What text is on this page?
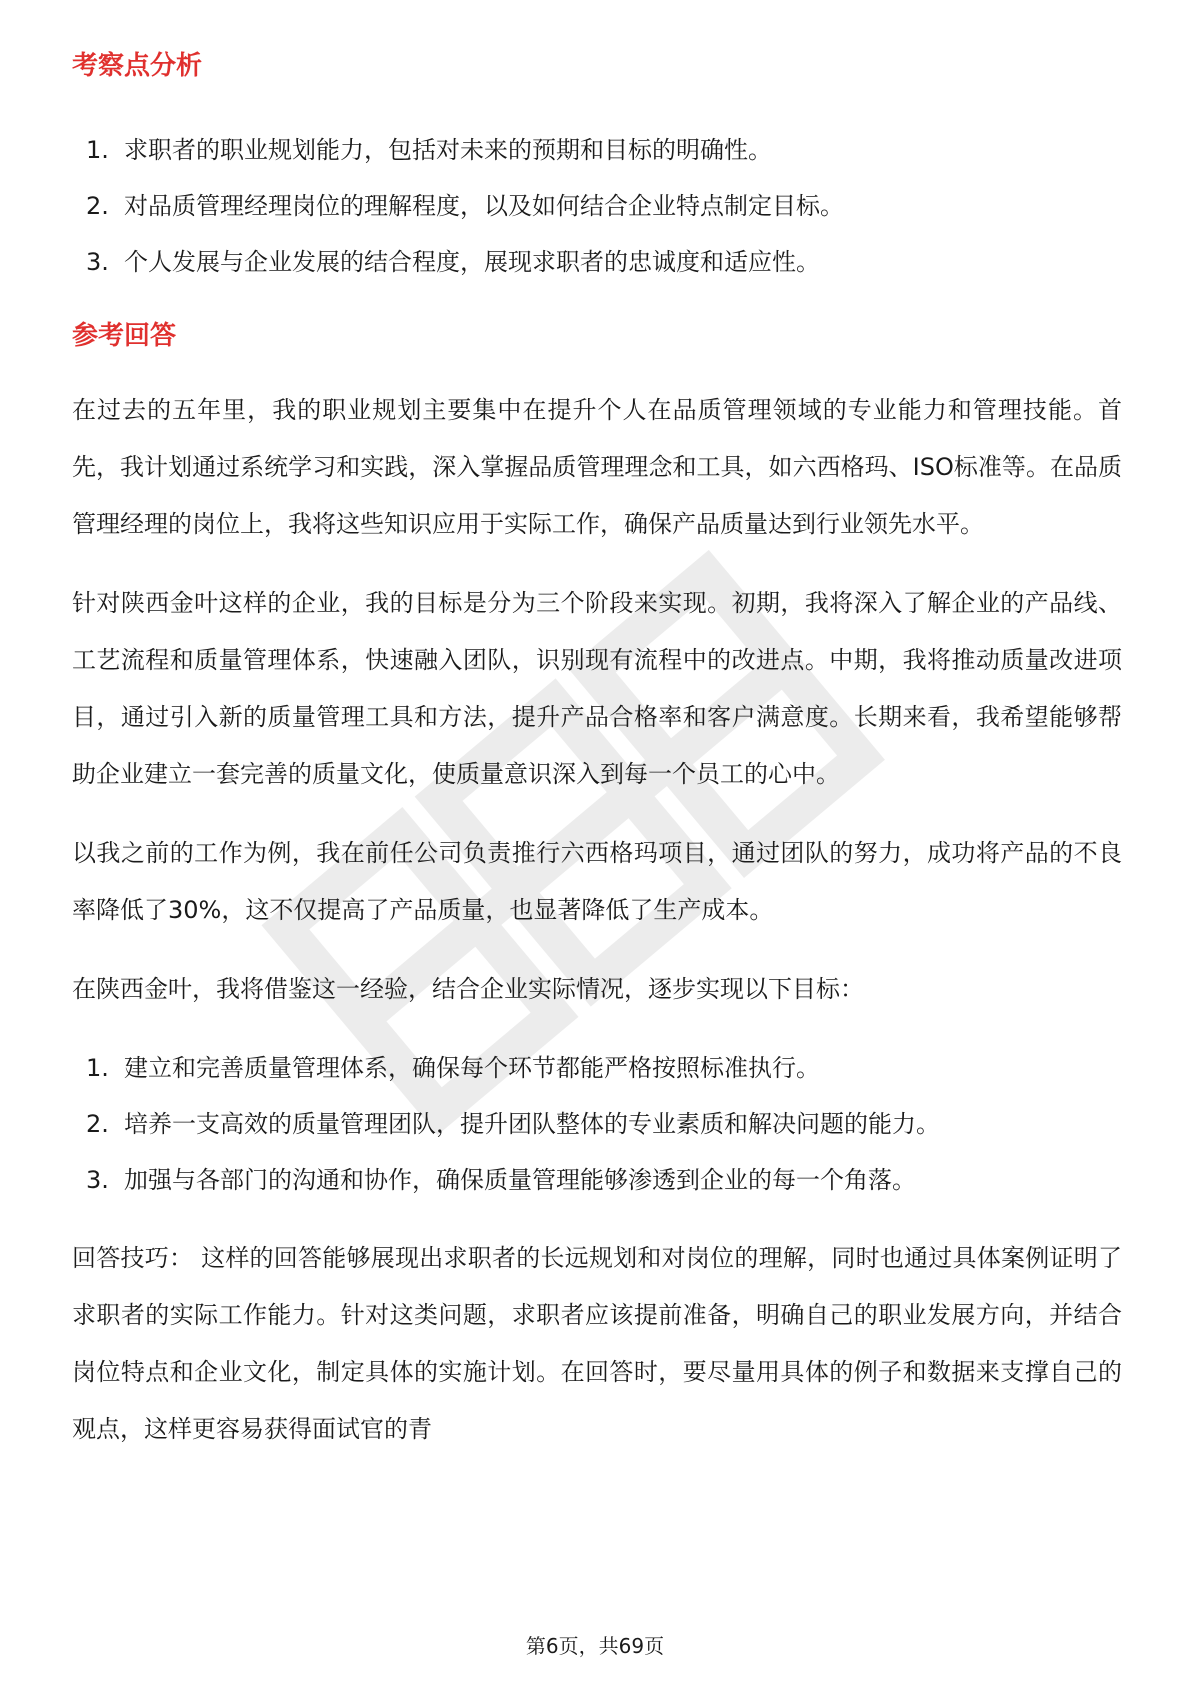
考察点分析
1. 求职者的职业规划能力，包括对未来的预期和目标的明确性。
2. 对品质管理经理岗位的理解程度，以及如何结合企业特点制定目标。
3. 个人发展与企业发展的结合程度，展现求职者的忠诚度和适应性。
参考回答

在过去的五年里，我的职业规划主要集中在提升个人在品质管理领域的专业能力和管理技能。首先，我计划通过系统学习和实践，深入掌握品质管理理念和工具，如六西格玛、ISO标准等。在品质管理经理的岗位上，我将这些知识应用于实际工作，确保产品质量达到行业领先水平。

针对陕西金叶这样的企业，我的目标是分为三个阶段来实现。初期，我将深入了解企业的产品线、工艺流程和质量管理体系，快速融入团队，识别现有流程中的改进点。中期，我将推动质量改进项目，通过引入新的质量管理工具和方法，提升产品合格率和客户满意度。长期来看，我希望能够帮助企业建立一套完善的质量文化，使质量意识深入到每一个员工的心中。

以我之前的工作为例，我在前任公司负责推行六西格玛项目，通过团队的努力，成功将产品的不良率降低了30%，这不仅提高了产品质量，也显著降低了生产成本。

在陕西金叶，我将借鉴这一经验，结合企业实际情况，逐步实现以下目标：

1. 建立和完善质量管理体系，确保每个环节都能严格按照标准执行。
2. 培养一支高效的质量管理团队，提升团队整体的专业素质和解决问题的能力。
3. 加强与各部门的沟通和协作，确保质量管理能够渗透到企业的每一个角落。

回答技巧： 这样的回答能够展现出求职者的长远规划和对岗位的理解，同时也通过具体案例证明了求职者的实际工作能力。针对这类问题，求职者应该提前准备，明确自己的职业发展方向，并结合岗位特点和企业文化，制定具体的实施计划。在回答时，要尽量用具体的例子和数据来支撑自己的观点，这样更容易获得面试官的青

第6页，共69页
